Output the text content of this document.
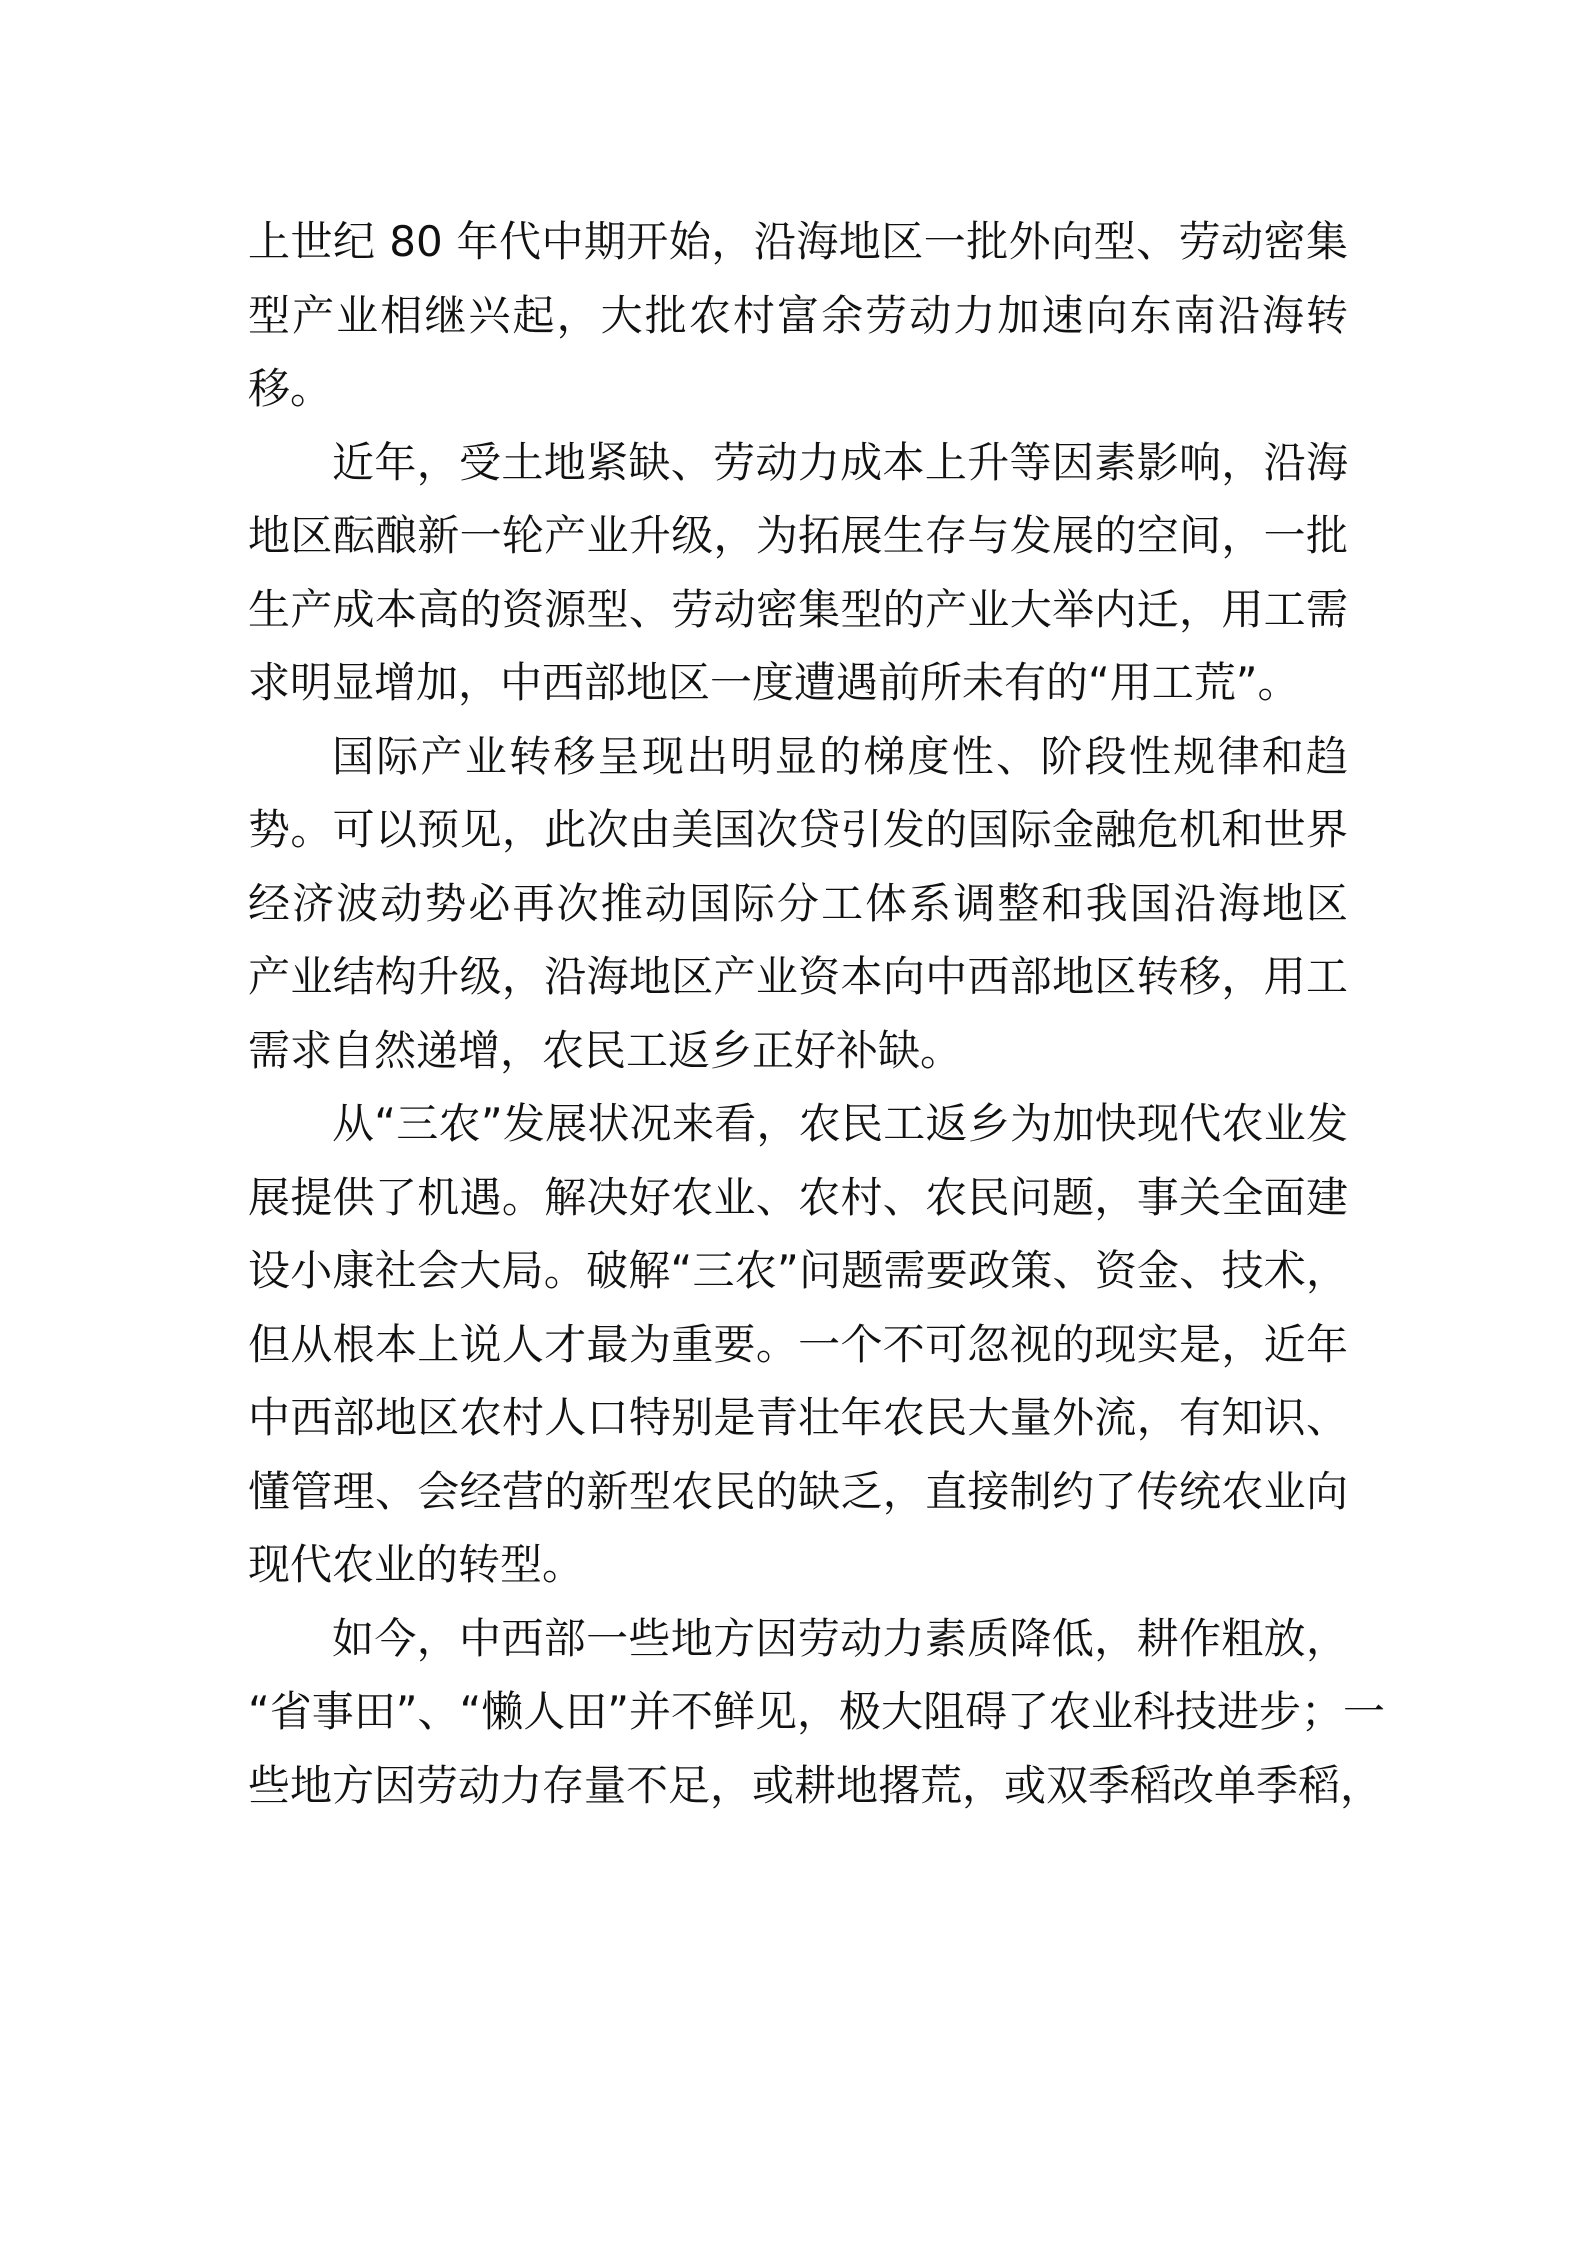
上世纪 80 年代中期开始，沿海地区一批外向型、劳动密集
型产业相继兴起，大批农村富余劳动力加速向东南沿海转
移。
近年，受土地紧缺、劳动力成本上升等因素影响，沿海
地区酝酿新一轮产业升级，为拓展生存与发展的空间，一批
生产成本高的资源型、劳动密集型的产业大举内迁，用工需
求明显增加，中西部地区一度遭遇前所未有的“用工荒”。
国际产业转移呈现出明显的梯度性、阶段性规律和趋
势。可以预见，此次由美国次贷引发的国际金融危机和世界
经济波动势必再次推动国际分工体系调整和我国沿海地区
产业结构升级，沿海地区产业资本向中西部地区转移，用工
需求自然递增，农民工返乡正好补缺。
从“三农”发展状况来看，农民工返乡为加快现代农业发
展提供了机遇。解决好农业、农村、农民问题，事关全面建
设小康社会大局。破解“三农”问题需要政策、资金、技术，
但从根本上说人才最为重要。一个不可忽视的现实是，近年
中西部地区农村人口特别是青壮年农民大量外流，有知识、
懂管理、会经营的新型农民的缺乏，直接制约了传统农业向
现代农业的转型。
如今，中西部一些地方因劳动力素质降低，耕作粗放，
“省事田”、“懒人田”并不鲜见，极大阻碍了农业科技进步；一
些地方因劳动力存量不足，或耕地撂荒，或双季稻改单季稻，
